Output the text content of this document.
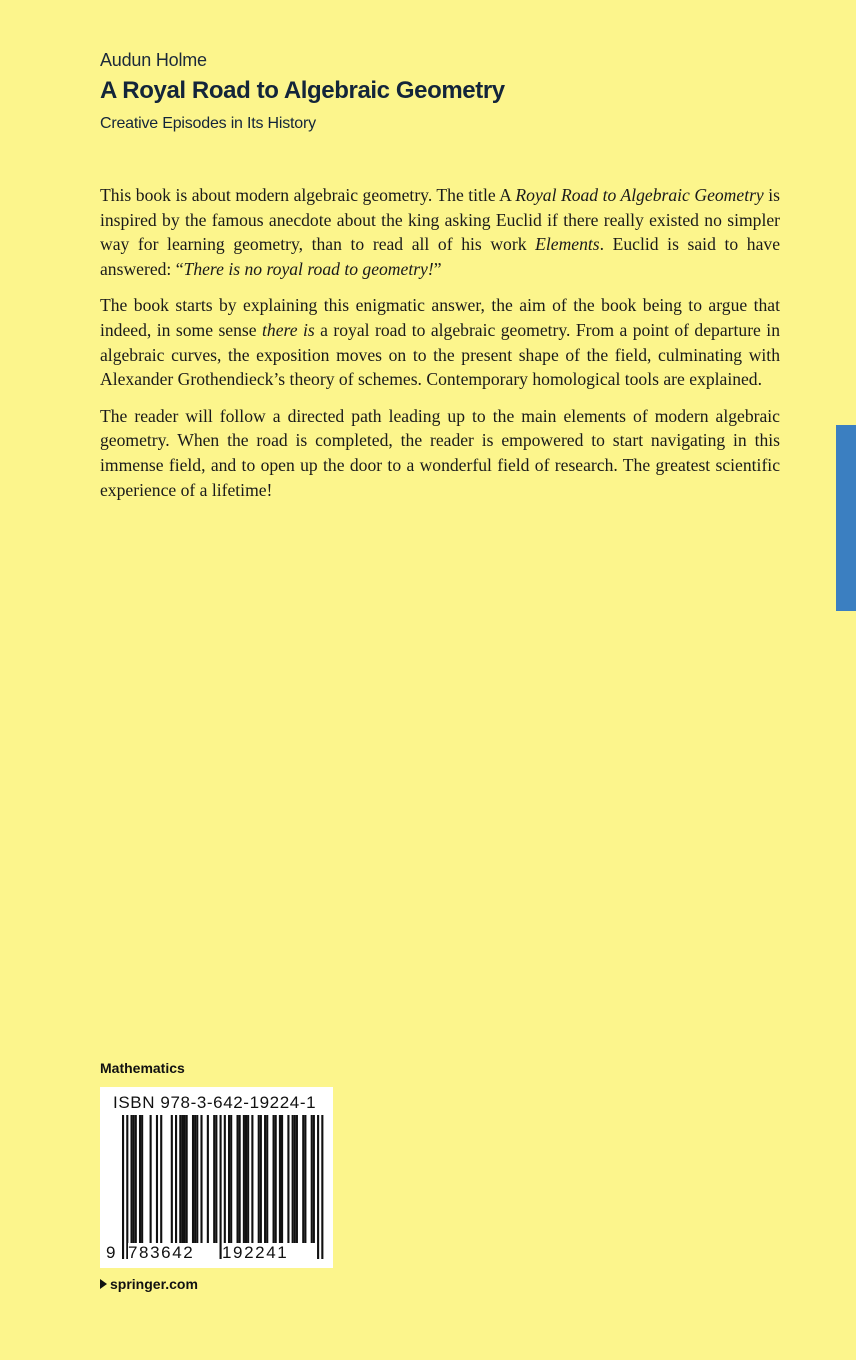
Audun Holme
A Royal Road to Algebraic Geometry
Creative Episodes in Its History

This book is about modern algebraic geometry. The title A Royal Road to Algebraic Geometry is inspired by the famous anecdote about the king asking Euclid if there really existed no simpler way for learning geometry, than to read all of his work Elements. Euclid is said to have answered: “There is no royal road to geometry!”

The book starts by explaining this enigmatic answer, the aim of the book being to argue that indeed, in some sense there is a royal road to algebraic geometry. From a point of departure in algebraic curves, the exposition moves on to the present shape of the field, culminating with Alexander Grothendieck’s theory of schemes. Contemporary homological tools are explained.

The reader will follow a directed path leading up to the main elements of modern algebraic geometry. When the road is completed, the reader is empowered to start navigating in this immense field, and to open up the door to a wonderful field of research. The greatest scientific experience of a lifetime!

Mathematics
ISBN 978-3-642-19224-1
9 783642 192241
springer.com
